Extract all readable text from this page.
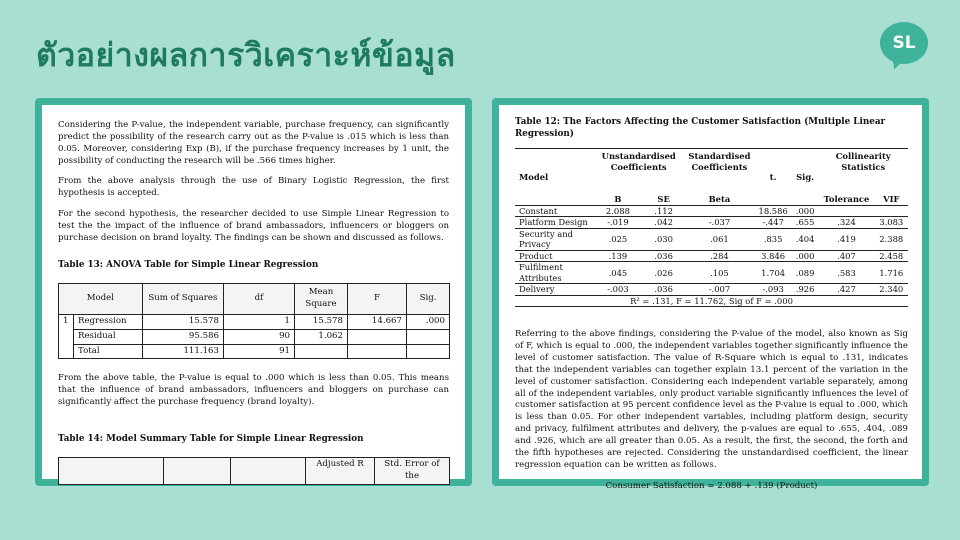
ตัวอย่างผลการวิเคราะห์ข้อมูล	SL

Considering the P-value, the independent variable, purchase frequency, can significantly predict the possibility of the research carry out as the P-value is .015 which is less than 0.05. Moreover, considering Exp (B), if the purchase frequency increases by 1 unit, the possibility of conducting the research will be .566 times higher.

From the above analysis through the use of Binary Logistic Regression, the first hypothesis is accepted.

For the second hypothesis, the researcher decided to use Simple Linear Regression to test the the impact of the influence of brand ambassadors, influencers or bloggers on purchase decision on brand loyalty. The findings can be shown and discussed as follows.

Table 13: ANOVA Table for Simple Linear Regression
Model		Sum of Squares	df	Mean Square	F	Sig.
1	Regression	15.578	1	15.578	14.667	.000
	Residual	95.586	90	1.062		
	Total	111.163	91			

From the above table, the P-value is equal to .000 which is less than 0.05. This means that the influence of brand ambassadors, influencers and bloggers on purchase can significantly affect the purchase frequency (brand loyalty).

Table 14: Model Summary Table for Simple Linear Regression
			Adjusted R	Std. Error of the
Table 12: The Factors Affecting the Customer Satisfaction (Multiple Linear Regression)
Model	Unstandardised Coefficients		Standardised Coefficients	t.	Sig.	Collinearity Statistics	

	B	SE	Beta			Tolerance	VIF
Constant	2.088	.112		18.586	.000		
Platform Design	-.019	.042	-.037	-.447	.655	.324	3.083
Security and Privacy	.025	.030	.061	.835	.404	.419	2.388
Product	.139	.036	.284	3.846	.000	.407	2.458
Fulfilment Attributes	.045	.026	.105	1.704	.089	.583	1.716
Delivery	-.003	.036	-.007	-.093	.926	.427	2.340
R² = .131, F = 11.762, Sig of F = .000							

Referring to the above findings, considering the P-value of the model, also known as Sig of F, which is equal to .000, the independent variables together significantly influence the level of customer satisfaction. The value of R-Square which is equal to .131, indicates that the independent variables can together explain 13.1 percent of the variation in the level of customer satisfaction. Considering each independent variable separately, among all of the independent variables, only product variable significantly influences the level of customer satisfaction at 95 percent confidence level as the P-value is equal to .000, which is less than 0.05. For other independent variables, including platform design, security and privacy, fulfilment attributes and delivery, the p-values are equal to .655, .404, .089 and .926, which are all greater than 0.05. As a result, the first, the second, the forth and the fifth hypotheses are rejected. Considering the unstandardised coefficient, the linear regression equation can be written as follows.

Consumer Satisfaction = 2.088 + .139 (Product)
